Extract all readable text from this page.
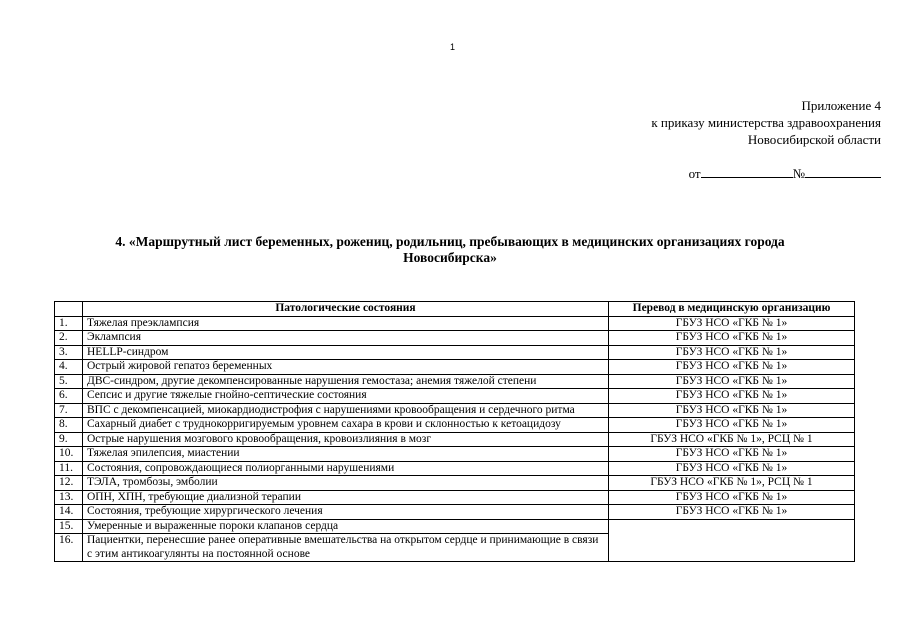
1
Приложение 4
к приказу министерства здравоохранения
Новосибирской области
от	№
4. «Маршрутный лист беременных, рожениц, родильниц, пребывающих в медицинских организациях города
Новосибирска»
	Патологические состояния	Перевод в медицинскую организацию
1.	Тяжелая преэклампсия	ГБУЗ НСО «ГКБ № 1»
2.	Эклампсия	ГБУЗ НСО «ГКБ № 1»
3.	HELLP-синдром	ГБУЗ НСО «ГКБ № 1»
4.	Острый жировой гепатоз беременных	ГБУЗ НСО «ГКБ № 1»
5.	ДВС-синдром, другие декомпенсированные нарушения гемостаза; анемия тяжелой степени	ГБУЗ НСО «ГКБ № 1»
6.	Сепсис и другие тяжелые гнойно-септические состояния	ГБУЗ НСО «ГКБ № 1»
7.	ВПС с декомпенсацией, миокардиодистрофия с нарушениями кровообращения и сердечного ритма	ГБУЗ НСО «ГКБ № 1»
8.	Сахарный диабет с труднокорригируемым уровнем сахара в крови и склонностью к кетоацидозу	ГБУЗ НСО «ГКБ № 1»
9.	Острые нарушения мозгового кровообращения, кровоизлияния в мозг	ГБУЗ НСО «ГКБ № 1», РСЦ № 1
10.	Тяжелая эпилепсия, миастении	ГБУЗ НСО «ГКБ № 1»
11.	Состояния, сопровождающиеся полиорганными нарушениями	ГБУЗ НСО «ГКБ № 1»
12.	ТЭЛА, тромбозы, эмболии	ГБУЗ НСО «ГКБ № 1», РСЦ № 1
13.	ОПН, ХПН, требующие диализной терапии	ГБУЗ НСО «ГКБ № 1»
14.	Состояния, требующие хирургического лечения	ГБУЗ НСО «ГКБ № 1»
15.	Умеренные и выраженные пороки клапанов сердца	
16.	Пациентки, перенесшие ранее оперативные вмешательства на открытом сердце и принимающие в связи с этим антикоагулянты на постоянной основе	
